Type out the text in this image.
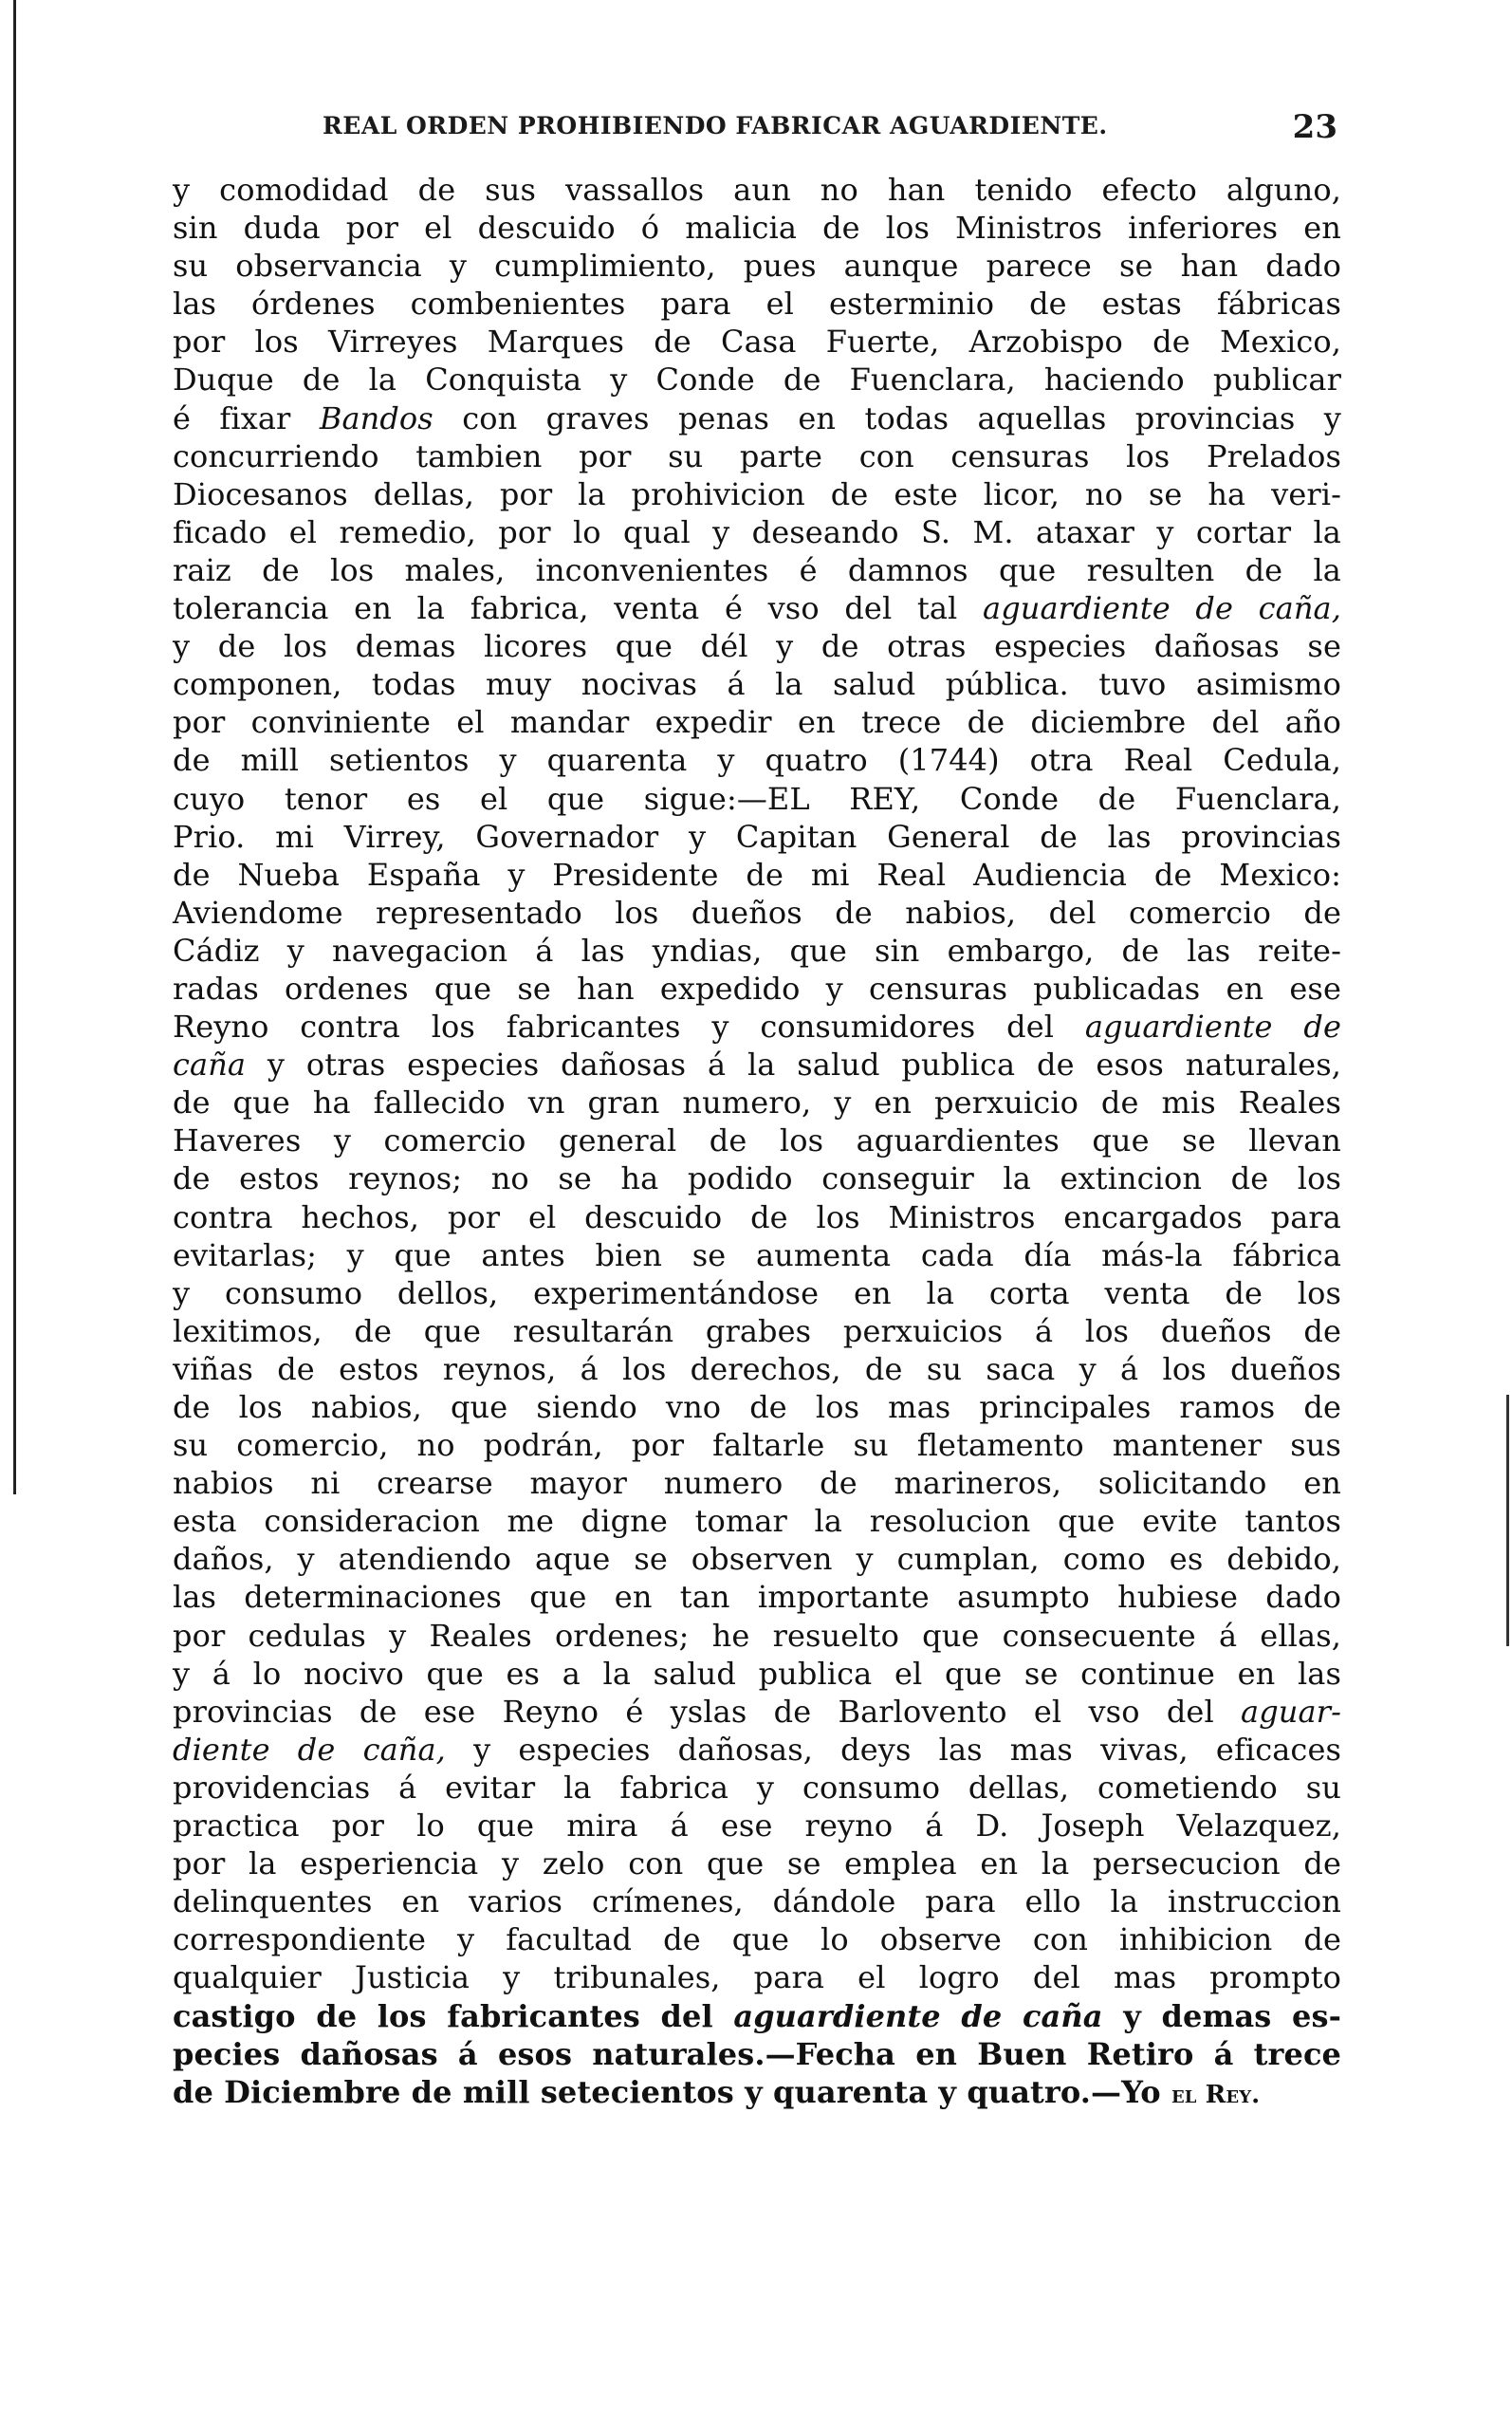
REAL ORDEN PROHIBIENDO FABRICAR AGUARDIENTE.	23
y comodidad de sus vassallos aun no han tenido efecto alguno,
sin duda por el descuido ó malicia de los Ministros inferiores en
su observancia y cumplimiento, pues aunque parece se han dado
las órdenes combenientes para el esterminio de estas fábricas
por los Virreyes Marques de Casa Fuerte, Arzobispo de Mexico,
Duque de la Conquista y Conde de Fuenclara, haciendo publicar
é fixar Bandos con graves penas en todas aquellas provincias y
concurriendo tambien por su parte con censuras los Prelados
Diocesanos dellas, por la prohivicion de este licor, no se ha veri-
ficado el remedio, por lo qual y deseando S. M. ataxar y cortar la
raiz de los males, inconvenientes é damnos que resulten de la
tolerancia en la fabrica, venta é vso del tal aguardiente de caña,
y de los demas licores que dél y de otras especies dañosas se
componen, todas muy nocivas á la salud pública. tuvo asimismo
por conviniente el mandar expedir en trece de diciembre del año
de mill setientos y quarenta y quatro (1744) otra Real Cedula,
cuyo tenor es el que sigue:—EL REY, Conde de Fuenclara,
Prio. mi Virrey, Governador y Capitan General de las provincias
de Nueba España y Presidente de mi Real Audiencia de Mexico:
Aviendome representado los dueños de nabios, del comercio de
Cádiz y navegacion á las yndias, que sin embargo, de las reite-
radas ordenes que se han expedido y censuras publicadas en ese
Reyno contra los fabricantes y consumidores del aguardiente de
caña y otras especies dañosas á la salud publica de esos naturales,
de que ha fallecido vn gran numero, y en perxuicio de mis Reales
Haveres y comercio general de los aguardientes que se llevan
de estos reynos; no se ha podido conseguir la extincion de los
contra hechos, por el descuido de los Ministros encargados para
evitarlas; y que antes bien se aumenta cada día más-la fábrica
y consumo dellos, experimentándose en la corta venta de los
lexitimos, de que resultarán grabes perxuicios á los dueños de
viñas de estos reynos, á los derechos, de su saca y á los dueños
de los nabios, que siendo vno de los mas principales ramos de
su comercio, no podrán, por faltarle su fletamento mantener sus
nabios ni crearse mayor numero de marineros, solicitando en
esta consideracion me digne tomar la resolucion que evite tantos
daños, y atendiendo aque se observen y cumplan, como es debido,
las determinaciones que en tan importante asumpto hubiese dado
por cedulas y Reales ordenes; he resuelto que consecuente á ellas,
y á lo nocivo que es a la salud publica el que se continue en las
provincias de ese Reyno é yslas de Barlovento el vso del aguar-
diente de caña, y especies dañosas, deys las mas vivas, eficaces
providencias á evitar la fabrica y consumo dellas, cometiendo su
practica por lo que mira á ese reyno á D. Joseph Velazquez,
por la esperiencia y zelo con que se emplea en la persecucion de
delinquentes en varios crímenes, dándole para ello la instruccion
correspondiente y facultad de que lo observe con inhibicion de
qualquier Justicia y tribunales, para el logro del mas prompto
castigo de los fabricantes del aguardiente de caña y demas es-
pecies dañosas á esos naturales.—Fecha en Buen Retiro á trece
de Diciembre de mill setecientos y quarenta y quatro.—Yo el Rey.
